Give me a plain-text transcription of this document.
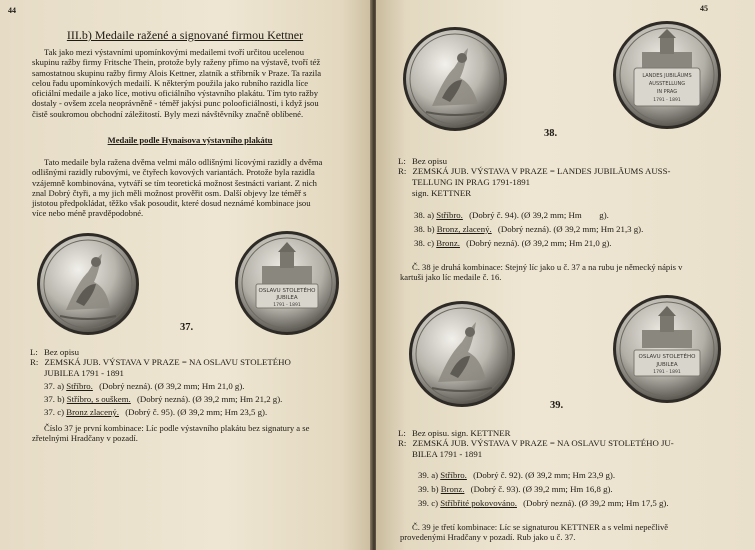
44
III.b) Medaile ražené a signované firmou Kettner
Tak jako mezi výstavními upomínkovými medailemi tvoří určitou ucelenou
skupinu ražby firmy Fritsche Thein, protože byly raženy přímo na výstavě, tvoří též
samostatnou skupinu ražby firmy Alois Kettner, zlatník a stříbrník v Praze. Ta razila
celou řadu upomínkových medailí. K některým použila jako rubního razidla líce
oficiální medaile a jako líce, motivu oficiálního výstavního plakátu. Tím tyto ražby
dostaly - ovšem zcela neoprávněně - téměř jakýsi punc polooficiálnosti, i když jsou
čistě soukromou obchodní záležitostí. Byly mezi návštěvníky značně oblíbené.
Medaile podle Hynaisova výstavního plakátu
Tato medaile byla ražena dvěma velmi málo odlišnými lícovými razidly a dvěma
odlišnými razidly rubovými, ve čtyřech kovových variantách. Protože byla razidla
vzájemně kombinována, vytváří se tím teoretická možnost šestnácti variant. Z nich
znal Dobrý čtyři, a my jich měli možnost prověřit osm. Další objevy lze téměř s
jistotou předpokládat, těžko však posoudit, které dosud neznámé kombinace jsou
více nebo méně pravděpodobné.
OSLAVU STOLETÉHO
JUBILEA
1791 - 1891
37.
L: Bez opisu
R: ZEMSKÁ JUB. VÝSTAVA V PRAZE = NA OSLAVU STOLETÉHO
JUBILEA 1791 - 1891
37. a) Stříbro. (Dobrý nezná). (Ø 39,2 mm; Hm 21,0 g).
37. b) Stříbro, s ouškem. (Dobrý nezná). (Ø 39,2 mm; Hm 21,2 g).
37. c) Bronz zlacený. (Dobrý č. 95). (Ø 39,2 mm; Hm 23,5 g).
Číslo 37 je první kombinace: Líc podle výstavního plakátu bez signatury a se
zřetelnými Hradčany v pozadí.
45
LANDES JUBILÄUMS
AUSSTELLUNG
IN PRAG
1791 - 1891
38.
L: Bez opisu
R: ZEMSKÁ JUB. VÝSTAVA V PRAZE = LANDES JUBILÄUMS AUSS-
TELLUNG IN PRAG 1791-1891
sign. KETTNER
38. a) Stříbro. (Dobrý č. 94). (Ø 39,2 mm; Hm        g).
38. b) Bronz, zlacený. (Dobrý nezná). (Ø 39,2 mm; Hm 21,3 g).
38. c) Bronz. (Dobrý nezná). (Ø 39,2 mm; Hm 21,0 g).
Č. 38 je druhá kombinace: Stejný líc jako u č. 37 a na rubu je německý nápis v
kartuši jako líc medaile č. 16.
OSLAVU STOLETÉHO
JUBILEA
1791 - 1891
39.
L: Bez opisu. sign. KETTNER
R: ZEMSKÁ JUB. VÝSTAVA V PRAZE = NA OSLAVU STOLETÉHO JU-
BILEA 1791 - 1891
39. a) Stříbro. (Dobrý č. 92). (Ø 39,2 mm; Hm 23,9 g).
39. b) Bronz. (Dobrý č. 93). (Ø 39,2 mm; Hm 16,8 g).
39. c) Stříbřité pokovováno. (Dobrý nezná). (Ø 39,2 mm; Hm 17,5 g).
Č. 39 je třetí kombinace: Líc se signaturou KETTNER a s velmi nepečlivě
provedenými Hradčany v pozadí. Rub jako u č. 37.
